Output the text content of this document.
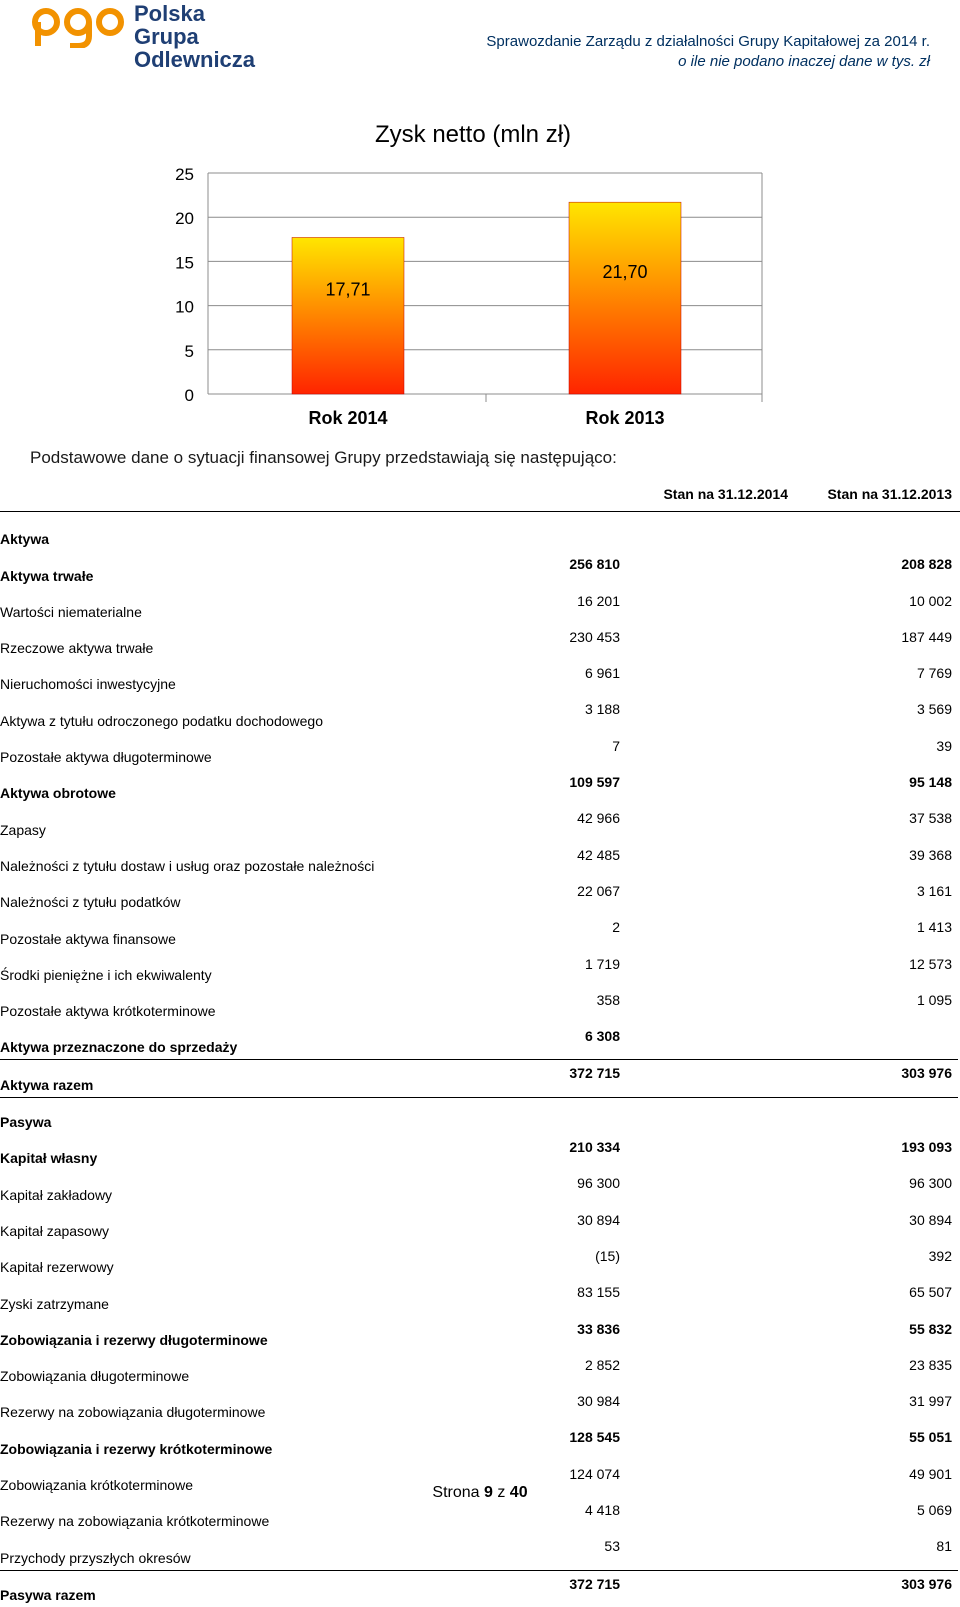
Polska Grupa
Odlewnicza
Sprawozdanie Zarządu z działalności Grupy Kapitałowej za 2014 r.
o ile nie podano inaczej dane w tys. zł
Zysk netto (mln zł)
0
5
10
15
20
25
17,71
21,70
Rok 2014	Rok 2013
Podstawowe dane o sytuacji finansowej Grupy przedstawiają się następująco:
Stan na 31.12.2014	Stan na 31.12.2013
Aktywa		
Aktywa trwałe	256 810	208 828
Wartości niematerialne	16 201	10 002
Rzeczowe aktywa trwałe	230 453	187 449
Nieruchomości inwestycyjne	6 961	7 769
Aktywa z tytułu odroczonego podatku dochodowego	3 188	3 569
Pozostałe aktywa długoterminowe	7	39
Aktywa obrotowe	109 597	95 148
Zapasy	42 966	37 538
Należności z tytułu dostaw i usług oraz pozostałe należności	42 485	39 368
Należności z tytułu podatków	22 067	3 161
Pozostałe aktywa finansowe	2	1 413
Środki pieniężne i ich ekwiwalenty	1 719	12 573
Pozostałe aktywa krótkoterminowe	358	1 095
Aktywa przeznaczone do sprzedaży	6 308	
Aktywa razem	372 715	303 976
Pasywa		
Kapitał własny	210 334	193 093
Kapitał zakładowy	96 300	96 300
Kapitał zapasowy	30 894	30 894
Kapitał rezerwowy	(15)	392
Zyski zatrzymane	83 155	65 507
Zobowiązania i rezerwy długoterminowe	33 836	55 832
Zobowiązania długoterminowe	2 852	23 835
Rezerwy na zobowiązania długoterminowe	30 984	31 997
Zobowiązania i rezerwy krótkoterminowe	128 545	55 051
Zobowiązania krótkoterminowe	124 074	49 901
Rezerwy na zobowiązania krótkoterminowe	4 418	5 069
Przychody przyszłych okresów	53	81
Pasywa razem	372 715	303 976
Strona 9 z 40
